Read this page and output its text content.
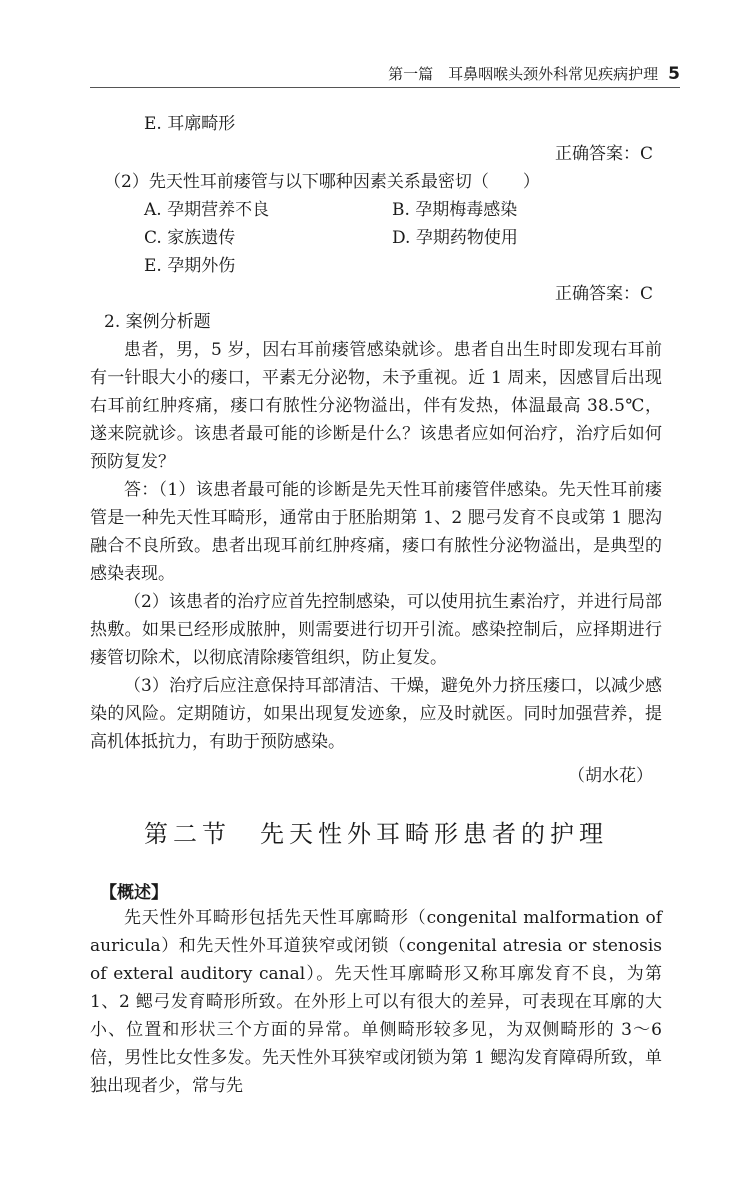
第一篇　耳鼻咽喉头颈外科常见疾病护理 5
E. 耳廓畸形
正确答案：C
（2）先天性耳前瘘管与以下哪种因素关系最密切（　　）
A. 孕期营养不良	B. 孕期梅毒感染
C. 家族遗传	D. 孕期药物使用
E. 孕期外伤
正确答案：C
2. 案例分析题

患者，男，5 岁，因右耳前瘘管感染就诊。患者自出生时即发现右耳前有一针眼大小的瘘口，平素无分泌物，未予重视。近 1 周来，因感冒后出现右耳前红肿疼痛，瘘口有脓性分泌物溢出，伴有发热，体温最高 38.5℃，遂来院就诊。该患者最可能的诊断是什么？该患者应如何治疗，治疗后如何预防复发？

答：（1）该患者最可能的诊断是先天性耳前瘘管伴感染。先天性耳前瘘管是一种先天性耳畸形，通常由于胚胎期第 1、2 腮弓发育不良或第 1 腮沟融合不良所致。患者出现耳前红肿疼痛，瘘口有脓性分泌物溢出，是典型的感染表现。

（2）该患者的治疗应首先控制感染，可以使用抗生素治疗，并进行局部热敷。如果已经形成脓肿，则需要进行切开引流。感染控制后，应择期进行瘘管切除术，以彻底清除瘘管组织，防止复发。

（3）治疗后应注意保持耳部清洁、干燥，避免外力挤压瘘口，以减少感染的风险。定期随访，如果出现复发迹象，应及时就医。同时加强营养，提高机体抵抗力，有助于预防感染。

（胡水花）
第二节　先天性外耳畸形患者的护理
【概述】

先天性外耳畸形包括先天性耳廓畸形（congenital malformation of auricula）和先天性外耳道狭窄或闭锁（congenital atresia or stenosis of exteral auditory canal）。先天性耳廓畸形又称耳廓发育不良，为第 1、2 鳃弓发育畸形所致。在外形上可以有很大的差异，可表现在耳廓的大小、位置和形状三个方面的异常。单侧畸形较多见，为双侧畸形的 3～6 倍，男性比女性多发。先天性外耳狭窄或闭锁为第 1 鳃沟发育障碍所致，单独出现者少，常与先
